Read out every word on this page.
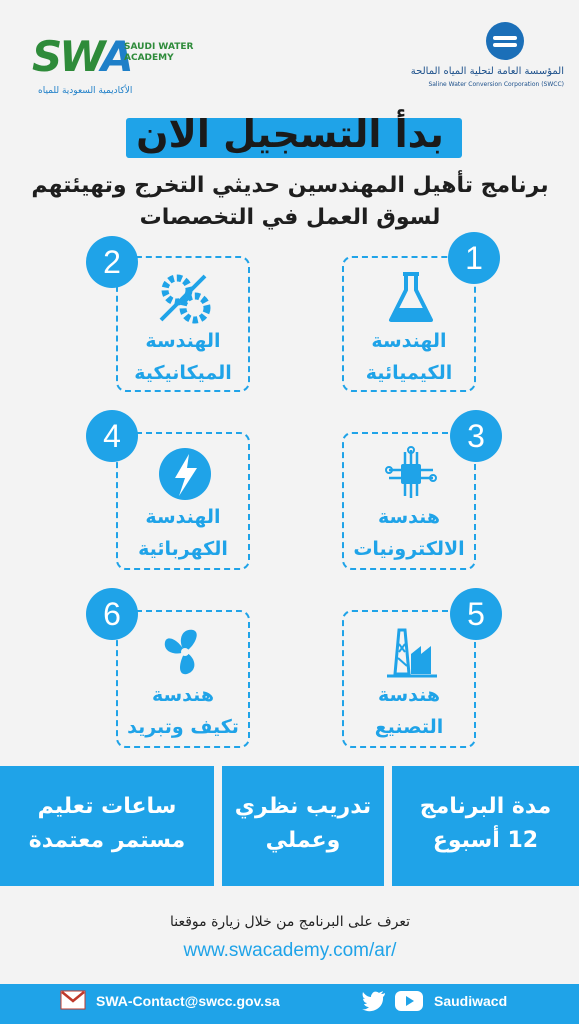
المؤسسة العامة لتحلية المياه المالحة
Saline Water Conversion Corporation (SWCC)
SWA
SAUDI WATER ACADEMY
الأكاديمية السعودية للمياه
بدأ التسجيل الان
برنامج تأهيل المهندسين حديثي التخرج وتهيئتهم
لسوق العمل في التخصصات
الهندسة
الكيميائية
1
الهندسة
الميكانيكية
2
هندسة
الالكترونيات
3
الهندسة
الكهربائية
4
هندسة
التصنيع
5
هندسة
تكيف وتبريد
6
مدة البرنامج
12 أسبوع
تدريب نظري
وعملي
ساعات تعليم
مستمر معتمدة
تعرف على البرنامج من خلال زيارة موقعنا
www.swacademy.com/ar/
SWA-Contact@swcc.gov.sa	Saudiwacd
